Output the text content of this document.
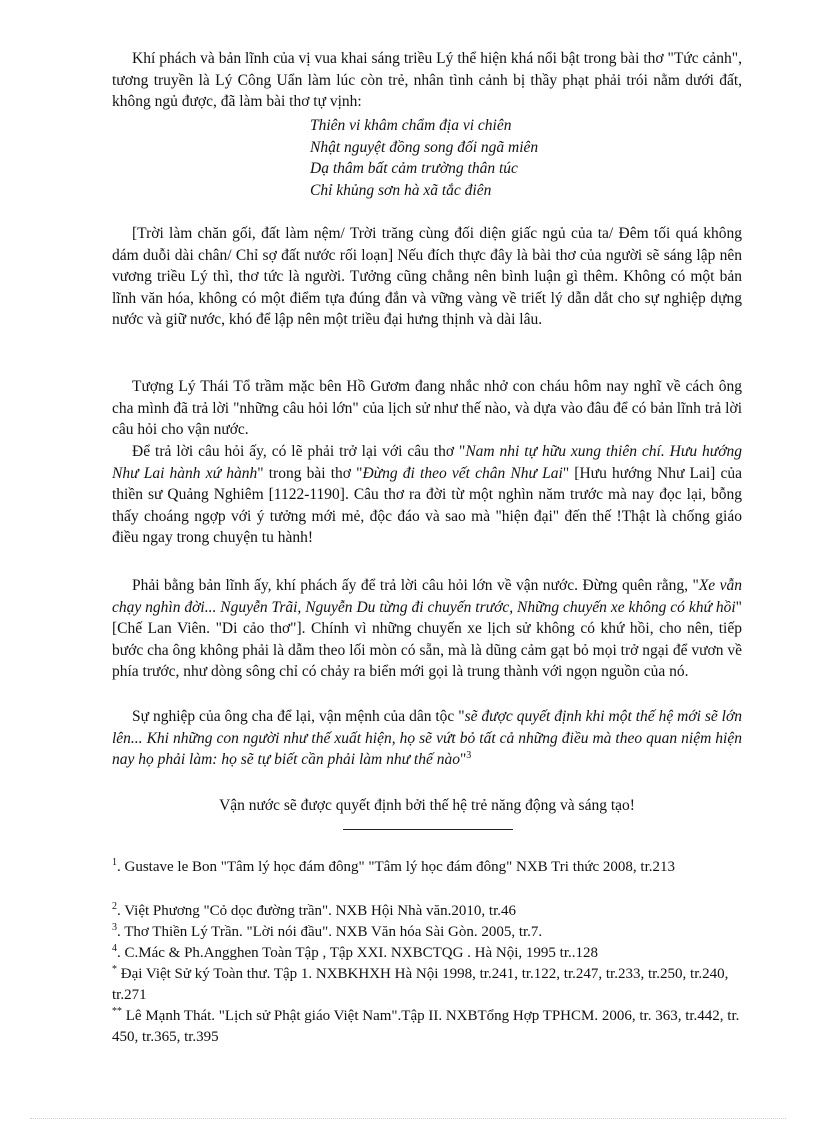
Khí phách và bản lĩnh của vị vua khai sáng triều Lý thể hiện khá nổi bật trong bài thơ "Tức cảnh", tương truyền là Lý Công Uẩn làm lúc còn trẻ, nhân tình cảnh bị thầy phạt phải trói nằm dưới đất, không ngủ được, đã làm bài thơ tự vịnh:

Thiên vi khâm chẩm địa vi chiên
Nhật nguyệt đồng song đối ngã miên
Dạ thâm bất cảm trường thân túc
Chỉ khủng sơn hà xã tắc điên

[Trời làm chăn gối, đất làm nệm/ Trời trăng cùng đối diện giấc ngủ của ta/ Đêm tối quá không dám duỗi dài chân/ Chỉ sợ đất nước rối loạn] Nếu đích thực đây là bài thơ của người sẽ sáng lập nên vương triều Lý thì, thơ tức là người. Tưởng cũng chẳng nên bình luận gì thêm. Không có một bản lĩnh văn hóa, không có một điểm tựa đúng đắn và vững vàng về triết lý dẫn dắt cho sự nghiệp dựng nước và giữ nước, khó để lập nên một triều đại hưng thịnh và dài lâu.

Tượng Lý Thái Tổ trầm mặc bên Hồ Gươm đang nhắc nhở con cháu hôm nay nghĩ về cách ông cha mình đã trả lời "những câu hỏi lớn" của lịch sử như thế nào, và dựa vào đâu để có bản lĩnh trả lời câu hỏi cho vận nước.

Để trả lời câu hỏi ấy, có lẽ phải trở lại với câu thơ "Nam nhi tự hữu xung thiên chí. Hưu hướng Như Lai hành xứ hành" trong bài thơ "Đừng đi theo vết chân Như Lai" [Hưu hướng Như Lai] của thiền sư Quảng Nghiêm [1122-1190]. Câu thơ ra đời từ một nghìn năm trước mà nay đọc lại, bỗng thấy choáng ngợp với ý tưởng mới mẻ, độc đáo và sao mà "hiện đại" đến thế !Thật là chống giáo điều ngay trong chuyện tu hành!

Phải bằng bản lĩnh ấy, khí phách ấy để trả lời câu hỏi lớn về vận nước. Đừng quên rằng, "Xe vẫn chạy nghìn đời... Nguyễn Trãi, Nguyễn Du từng đi chuyến trước, Những chuyến xe không có khứ hồi" [Chế Lan Viên. "Di cảo thơ"]. Chính vì những chuyến xe lịch sử không có khứ hồi, cho nên, tiếp bước cha ông không phải là dẫm theo lối mòn có sẵn, mà là dũng cảm gạt bỏ mọi trở ngại để vươn về phía trước, như dòng sông chỉ có chảy ra biển mới gọi là trung thành với ngọn nguồn của nó.

Sự nghiệp của ông cha để lại, vận mệnh của dân tộc "sẽ được quyết định khi một thế hệ mới sẽ lớn lên... Khi những con người như thế xuất hiện, họ sẽ vứt bỏ tất cả những điều mà theo quan niệm hiện nay họ phải làm: họ sẽ tự biết cần phải làm như thế nào"$^3$

Vận nước sẽ được quyết định bởi thế hệ trẻ năng động và sáng tạo!

$^1$. Gustave le Bon "Tâm lý học đám đông" "Tâm lý học đám đông" NXB Tri thức 2008, tr.213

$^2$. Việt Phương "Cỏ dọc đường trần". NXB Hội Nhà văn.2010, tr.46

$^3$. Thơ Thiền Lý Trần. "Lời nói đầu". NXB Văn hóa Sài Gòn. 2005, tr.7.

$^4$. C.Mác & Ph.Angghen Toàn Tập , Tập XXI. NXBCTQG . Hà Nội, 1995 tr..128

* Đại Việt Sử ký Toàn thư. Tập 1. NXBKHXH Hà Nội 1998, tr.241, tr.122, tr.247, tr.233, tr.250, tr.240, tr.271

** Lê Mạnh Thát. "Lịch sử Phật giáo Việt Nam".Tập II. NXBTổng Hợp TPHCM. 2006, tr. 363, tr.442, tr. 450, tr.365, tr.395
